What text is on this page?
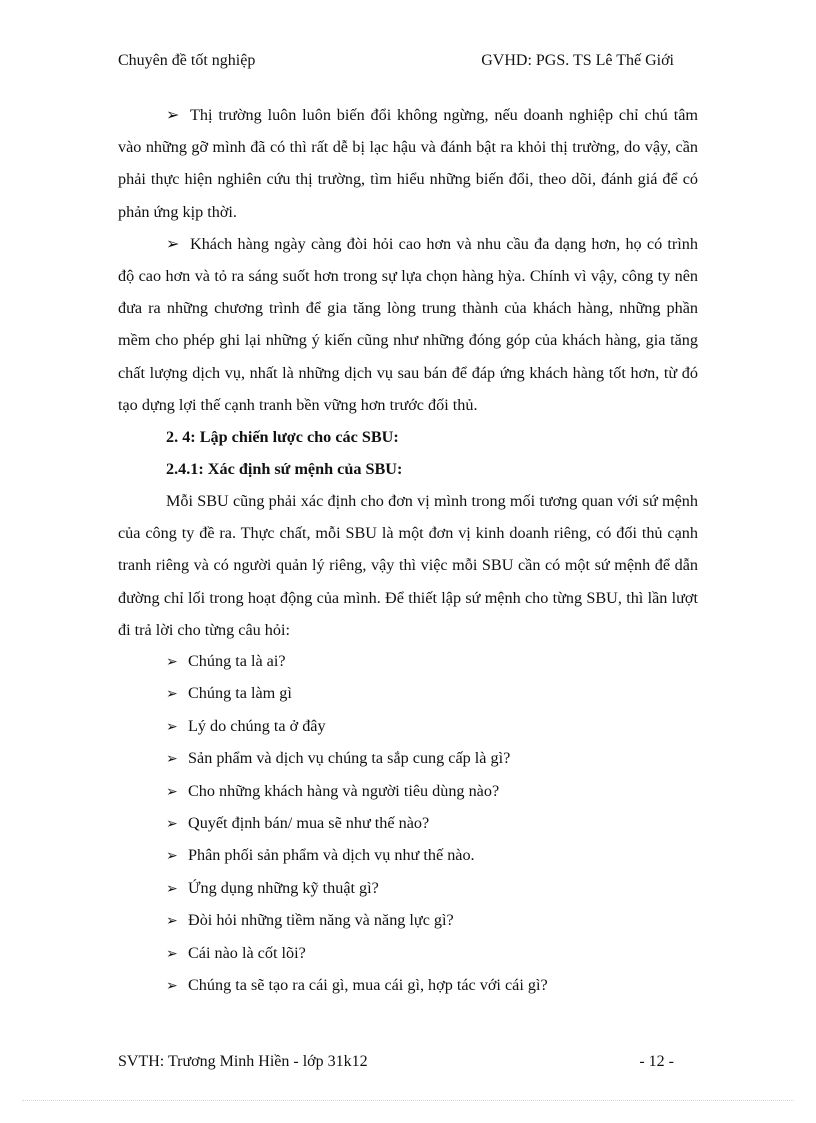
Chuyên đề tốt nghiệp	GVHD: PGS. TS Lê Thế Giới

➢ Thị trường luôn luôn biến đổi không ngừng, nếu doanh nghiệp chỉ chú tâm vào những gỡ mình đã có thì rất dễ bị lạc hậu và đánh bật ra khỏi thị trường, do vậy, cần phải thực hiện nghiên cứu thị trường, tìm hiểu những biến đổi, theo dõi, đánh giá để có phản ứng kịp thời.

➢ Khách hàng ngày càng đòi hỏi cao hơn và nhu cầu đa dạng hơn, họ có trình độ cao hơn và tỏ ra sáng suốt hơn trong sự lựa chọn hàng hỳa. Chính vì vậy, công ty nên đưa ra những chương trình để gia tăng lòng trung thành của khách hàng, những phần mềm cho phép ghi lại những ý kiến cũng như những đóng góp của khách hàng, gia tăng chất lượng dịch vụ, nhất là những dịch vụ sau bán để đáp ứng khách hàng tốt hơn, từ đó tạo dựng lợi thế cạnh tranh bền vững hơn trước đối thủ.

2. 4: Lập chiến lược cho các SBU:

2.4.1: Xác định sứ mệnh của SBU:

Mỗi SBU cũng phải xác định cho đơn vị mình trong mối tương quan với sứ mệnh của công ty đề ra. Thực chất, mỗi SBU là một đơn vị kinh doanh riêng, có đối thủ cạnh tranh riêng và có người quản lý riêng, vậy thì việc mỗi SBU cần có một sứ mệnh để dẫn đường chỉ lối trong hoạt động của mình. Để thiết lập sứ mệnh cho từng SBU, thì lần lượt đi trả lời cho từng câu hỏi:

➢ Chúng ta là ai?

➢ Chúng ta làm gì

➢ Lý do chúng ta ở đây

➢ Sản phẩm và dịch vụ chúng ta sắp cung cấp là gì?

➢ Cho những khách hàng và người tiêu dùng nào?

➢ Quyết định bán/ mua sẽ như thế nào?

➢ Phân phối sản phẩm và dịch vụ như thế nào.

➢ Ứng dụng những kỹ thuật gì?

➢ Đòi hỏi những tiềm năng và năng lực gì?

➢ Cái nào là cốt lõi?

➢ Chúng ta sẽ tạo ra cái gì, mua cái gì, hợp tác với cái gì?

SVTH: Trương Minh Hiền - lớp 31k12	- 12 -
